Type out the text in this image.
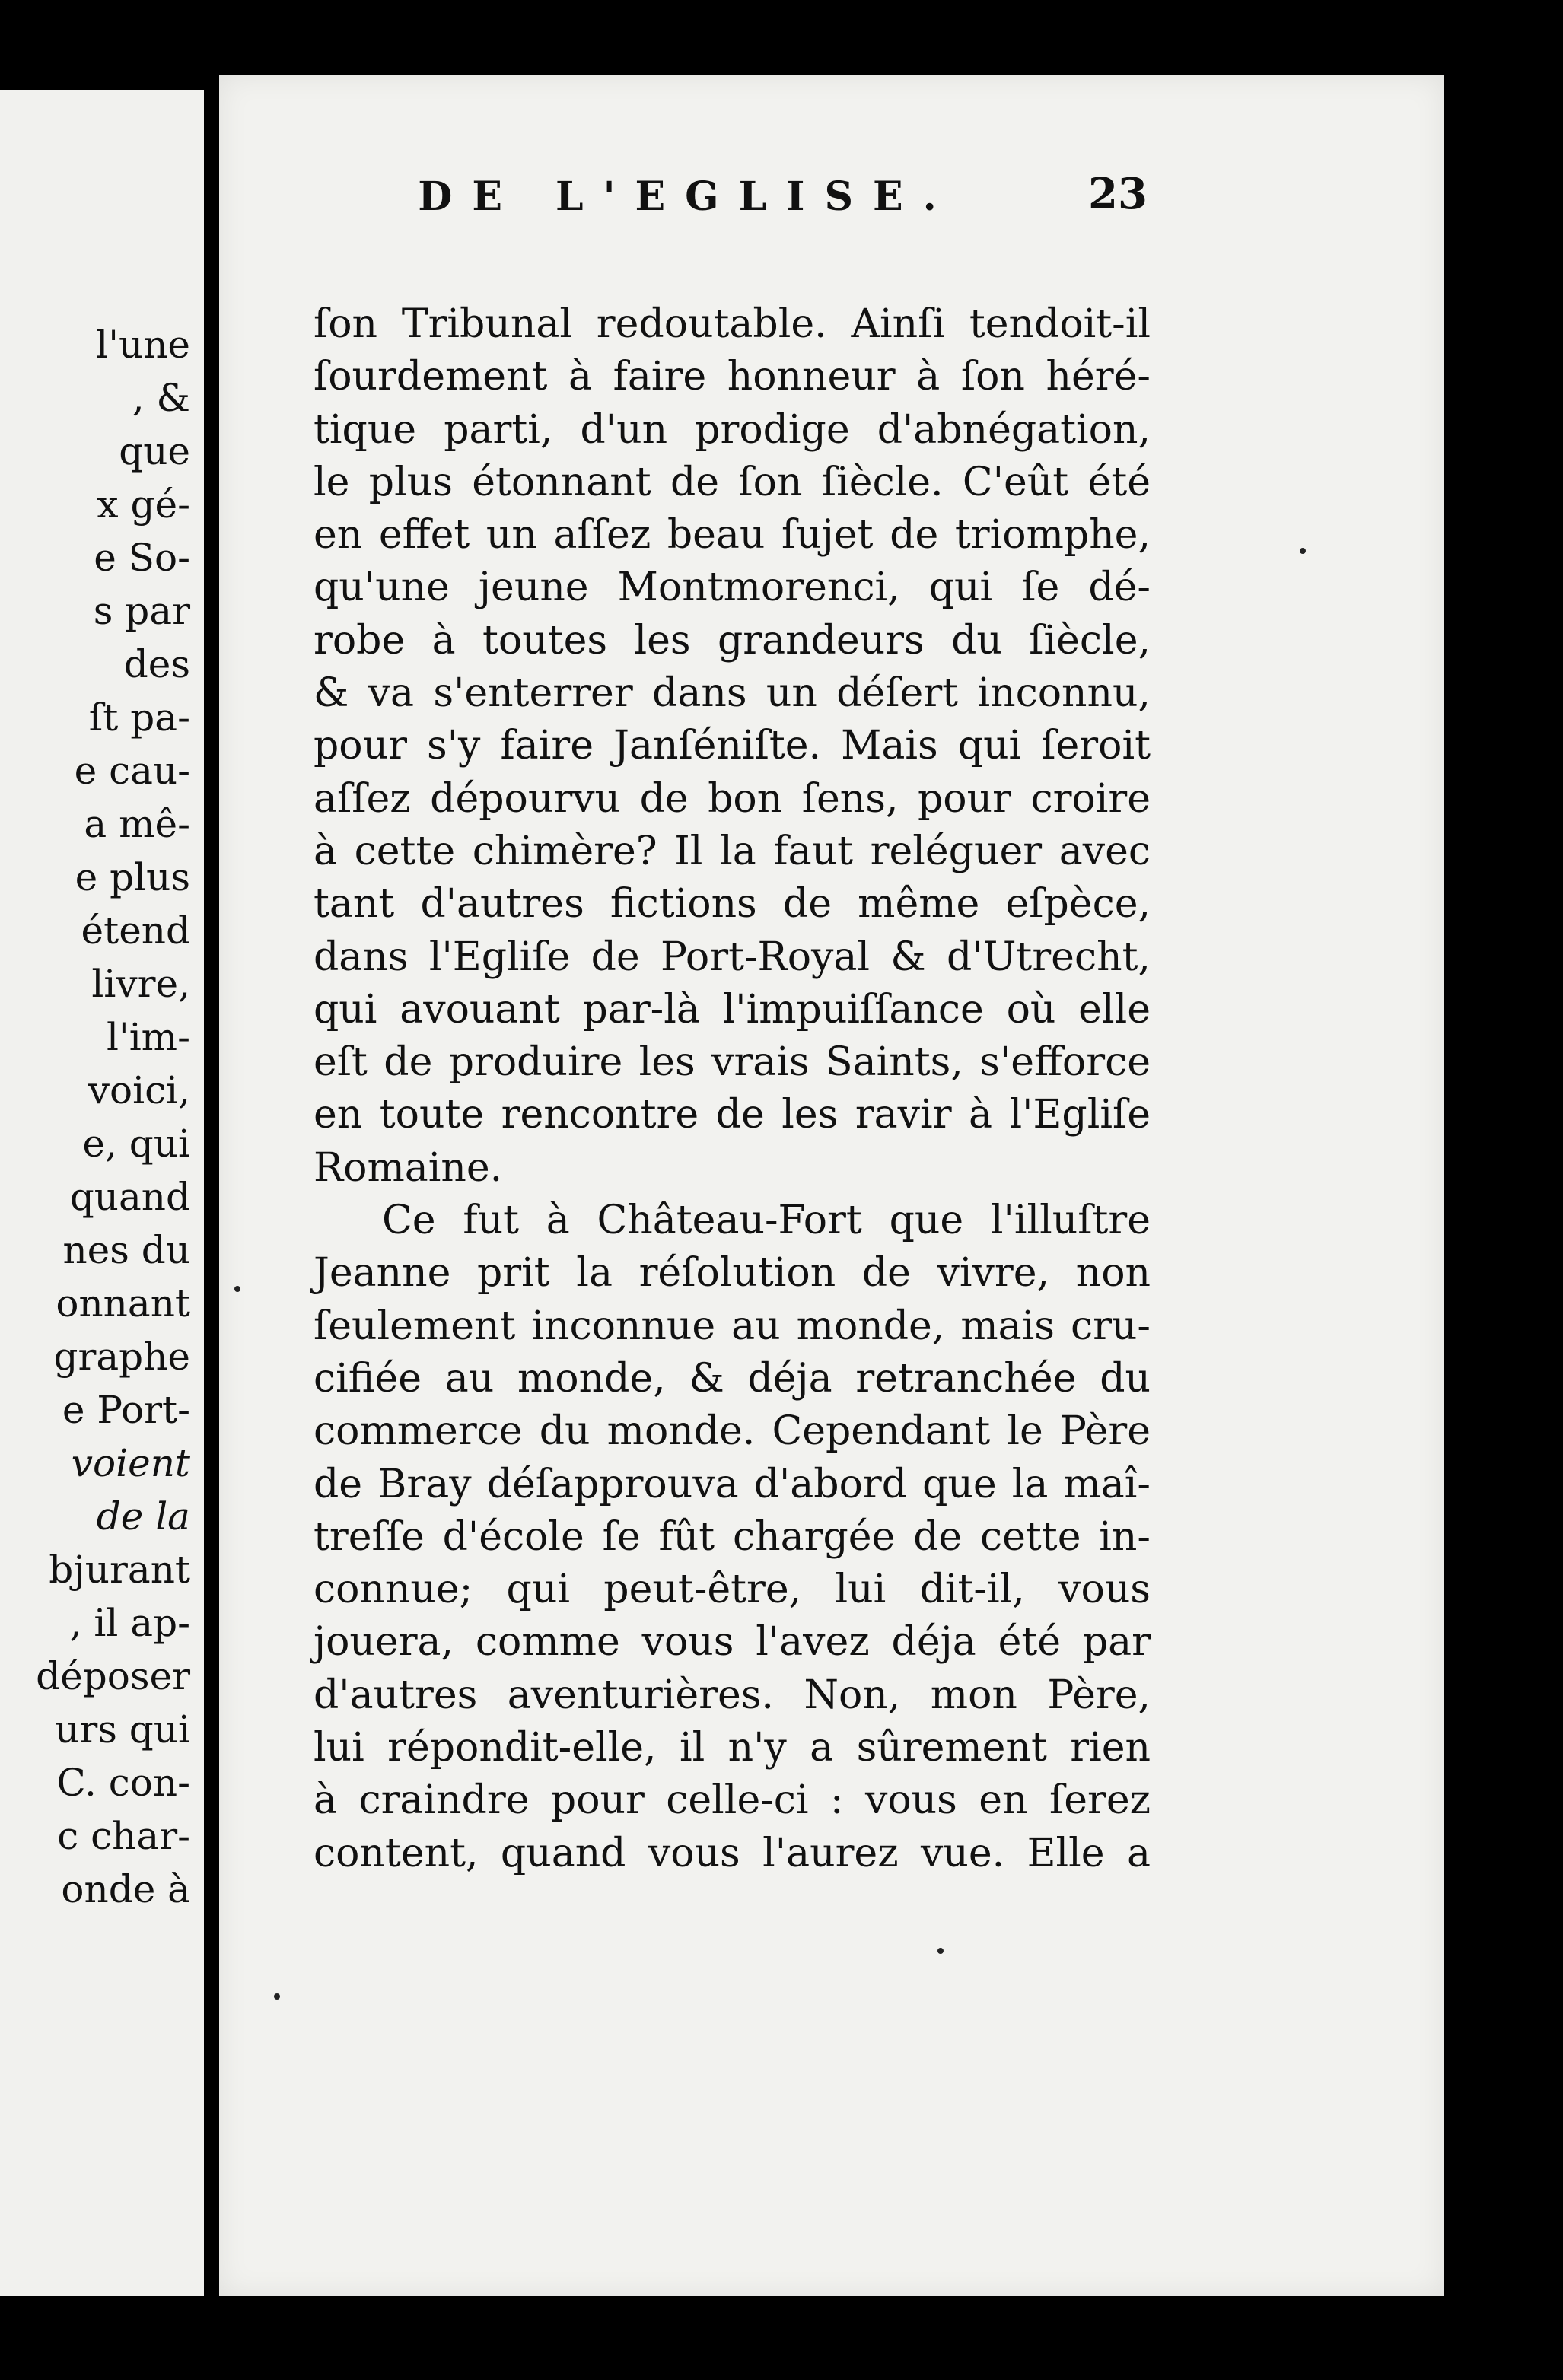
l'une
, &
que
x gé-
e So-
s par
des
ſt pa-
e cau-
a mê-
e plus
étend
livre,
l'im-
voici,
e, qui
quand
nes du
onnant
graphe
e Port-
voient
de la
bjurant
, il ap-
déposer
urs qui
C. con-
c char-
onde à
DE L'EGLISE.	23

ſon Tribunal redoutable. Ainſi tendoit-il
ſourdement à faire honneur à ſon héré-
tique parti, d'un prodige d'abnégation,
le plus étonnant de ſon ſiècle. C'eût été
en effet un aſſez beau ſujet de triomphe,
qu'une jeune Montmorenci, qui ſe dé-
robe à toutes les grandeurs du ſiècle,
& va s'enterrer dans un déſert inconnu,
pour s'y faire Janſéniſte. Mais qui ſeroit
aſſez dépourvu de bon ſens, pour croire
à cette chimère? Il la faut reléguer avec
tant d'autres fictions de même eſpèce,
dans l'Egliſe de Port-Royal & d'Utrecht,
qui avouant par-là l'impuiſſance où elle
eſt de produire les vrais Saints, s'efforce
en toute rencontre de les ravir à l'Egliſe
Romaine.

Ce fut à Château-Fort que l'illuſtre
Jeanne prit la réſolution de vivre, non
ſeulement inconnue au monde, mais cru-
cifiée au monde, & déja retranchée du
commerce du monde. Cependant le Père
de Bray déſapprouva d'abord que la maî-
treſſe d'école ſe fût chargée de cette in-
connue; qui peut-être, lui dit-il, vous
jouera, comme vous l'avez déja été par
d'autres aventurières. Non, mon Père,
lui répondit-elle, il n'y a sûrement rien
à craindre pour celle-ci : vous en ſerez
content, quand vous l'aurez vue. Elle a
